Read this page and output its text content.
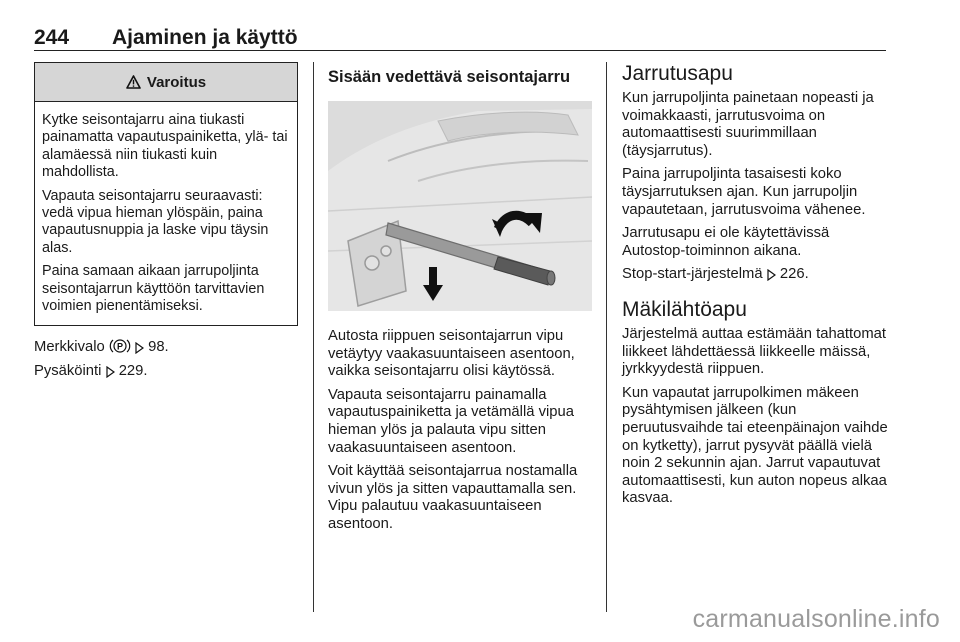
244 Ajaminen ja käyttö
Varoitus

Kytke seisontajarru aina tiukasti painamatta vapautuspainiketta, ylä- tai alamäessä niin tiukasti kuin mahdollista.

Vapauta seisontajarru seuraavasti: vedä vipua hieman ylöspäin, paina vapautusnuppia ja laske vipu täysin alas.

Paina samaan aikaan jarrupoljinta seisontajarrun käyttöön tarvittavien voimien pienentämiseksi.

Merkkivalo P 98.

Pysäköinti 229.

Sisään vedettävä seisontajarru

Autosta riippuen seisontajarrun vipu vetäytyy vaakasuuntaiseen asentoon, vaikka seisontajarru olisi käytössä.

Vapauta seisontajarru painamalla vapautuspainiketta ja vetämällä vipua hieman ylös ja palauta vipu sitten vaakasuuntaiseen asentoon.

Voit käyttää seisontajarrua nostamalla vivun ylös ja sitten vapauttamalla sen. Vipu palautuu vaakasuuntaiseen asentoon.

Jarrutusapu

Kun jarrupoljinta painetaan nopeasti ja voimakkaasti, jarrutusvoima on automaattisesti suurimmillaan (täysjarrutus).

Paina jarrupoljinta tasaisesti koko täysjarrutuksen ajan. Kun jarrupoljin vapautetaan, jarrutusvoima vähenee.

Jarrutusapu ei ole käytettävissä Autostop-toiminnon aikana.

Stop-start-järjestelmä 226.

Mäkilähtöapu

Järjestelmä auttaa estämään tahattomat liikkeet lähdettäessä liikkeelle mäissä, jyrkkyydestä riippuen.

Kun vapautat jarrupolkimen mäkeen pysähtymisen jälkeen (kun peruutusvaihde tai eteenpäinajon vaihde on kytketty), jarrut pysyvät päällä vielä noin 2 sekunnin ajan. Jarrut vapautuvat automaattisesti, kun auton nopeus alkaa kasvaa.

carmanualsonline.info
